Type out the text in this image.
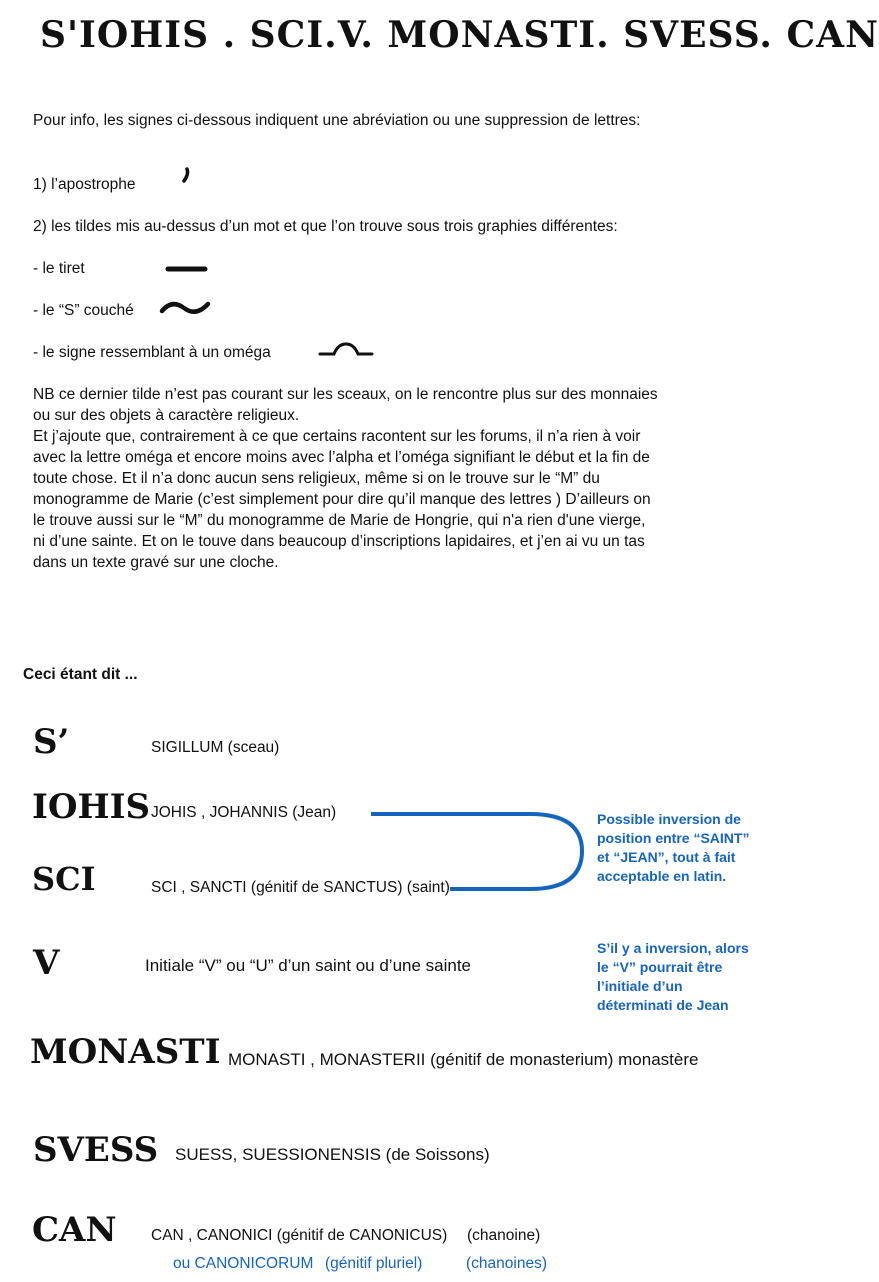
S'IOHIS . SCI.V. MONASTI. SVESS. CAN
Pour info, les signes ci-dessous indiquent une abréviation ou une suppression de lettres:
1) l’apostrophe
2) les tildes mis au-dessus d’un mot et que l’on trouve sous trois graphies différentes:
- le tiret
- le “S” couché
- le signe ressemblant à un oméga
NB ce dernier tilde n’est pas courant sur les sceaux, on le rencontre plus sur des monnaies ou sur des objets à caractère religieux.
Et j’ajoute que, contrairement à ce que certains racontent sur les forums, il n’a rien à voir avec la lettre oméga et encore moins avec l’alpha et l’oméga signifiant le début et la fin de toute chose. Et il n’a donc aucun sens religieux, même si on le trouve sur le “M” du monogramme de Marie (c’est simplement pour dire qu’il manque des lettres ) D’ailleurs on le trouve aussi sur le “M” du monogramme de Marie de Hongrie, qui n'a rien d'une vierge, ni d’une sainte. Et on le touve dans beaucoup d’inscriptions lapidaires, et j’en ai vu un tas dans un texte gravé sur une cloche.
Ceci étant dit ...
S’	SIGILLUM (sceau)
IOHIS JOHIS , JOHANNIS (Jean)
SCI	SCI , SANCTI (génitif de SANCTUS) (saint)
V	Initiale “V” ou “U” d’un saint ou d’une sainte
MONASTI MONASTI , MONASTERII (génitif de monasterium) monastère
SVESS SUESS, SUESSIONENSIS (de Soissons)
CAN CAN , CANONICI (génitif de CANONICUS) (chanoine)
ou CANONICORUM (génitif pluriel)	(chanoines)
Possible inversion de position entre “SAINT” et “JEAN”, tout à fait acceptable en latin.
S’il y a inversion, alors le “V” pourrait être l’initiale d’un déterminati de Jean
